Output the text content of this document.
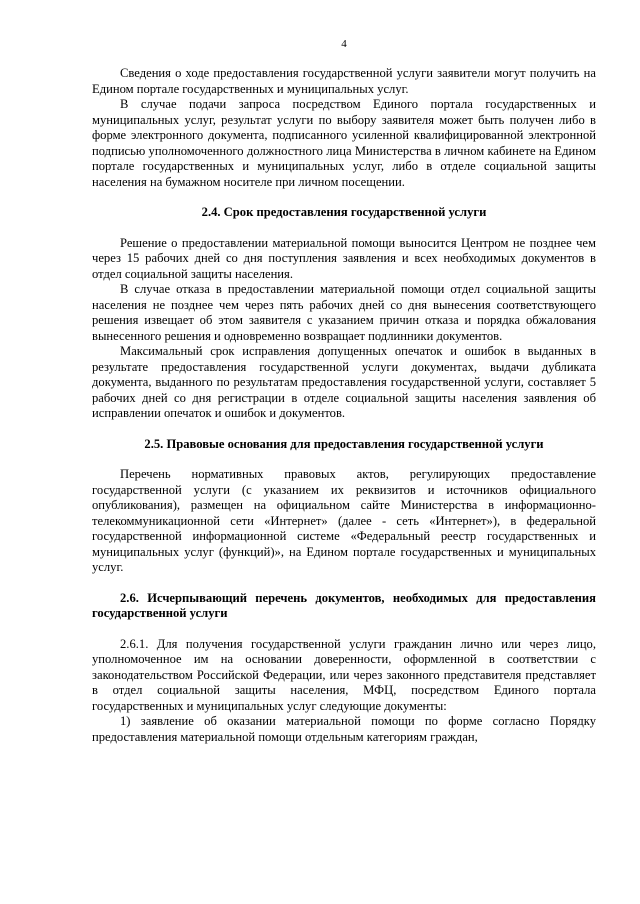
4

Сведения о ходе предоставления государственной услуги заявители могут получить на Едином портале государственных и муниципальных услуг.

В случае подачи запроса посредством Единого портала государственных и муниципальных услуг, результат услуги по выбору заявителя может быть получен либо в форме электронного документа, подписанного усиленной квалифицированной электронной подписью уполномоченного должностного лица Министерства в личном кабинете на Едином портале государственных и муниципальных услуг, либо в отделе социальной защиты населения на бумажном носителе при личном посещении.

2.4. Срок предоставления государственной услуги

Решение о предоставлении материальной помощи выносится Центром не позднее чем через 15 рабочих дней со дня поступления заявления и всех необходимых документов в отдел социальной защиты населения.

В случае отказа в предоставлении материальной помощи отдел социальной защиты населения не позднее чем через пять рабочих дней со дня вынесения соответствующего решения извещает об этом заявителя с указанием причин отказа и порядка обжалования вынесенного решения и одновременно возвращает подлинники документов.

Максимальный срок исправления допущенных опечаток и ошибок в выданных в результате предоставления государственной услуги документах, выдачи дубликата документа, выданного по результатам предоставления государственной услуги, составляет 5 рабочих дней со дня регистрации в отделе социальной защиты населения заявления об исправлении опечаток и ошибок и документов.

2.5. Правовые основания для предоставления государственной услуги

Перечень нормативных правовых актов, регулирующих предоставление государственной услуги (с указанием их реквизитов и источников официального опубликования), размещен на официальном сайте Министерства в информационно-телекоммуникационной сети «Интернет» (далее - сеть «Интернет»), в федеральной государственной информационной системе «Федеральный реестр государственных и муниципальных услуг (функций)», на Едином портале государственных и муниципальных услуг.

2.6. Исчерпывающий перечень документов, необходимых для предоставления государственной услуги

2.6.1. Для получения государственной услуги гражданин лично или через лицо, уполномоченное им на основании доверенности, оформленной в соответствии с законодательством Российской Федерации, или через законного представителя представляет в отдел социальной защиты населения, МФЦ, посредством Единого портала государственных и муниципальных услуг следующие документы:

1) заявление об оказании материальной помощи по форме согласно Порядку предоставления материальной помощи отдельным категориям граждан,
